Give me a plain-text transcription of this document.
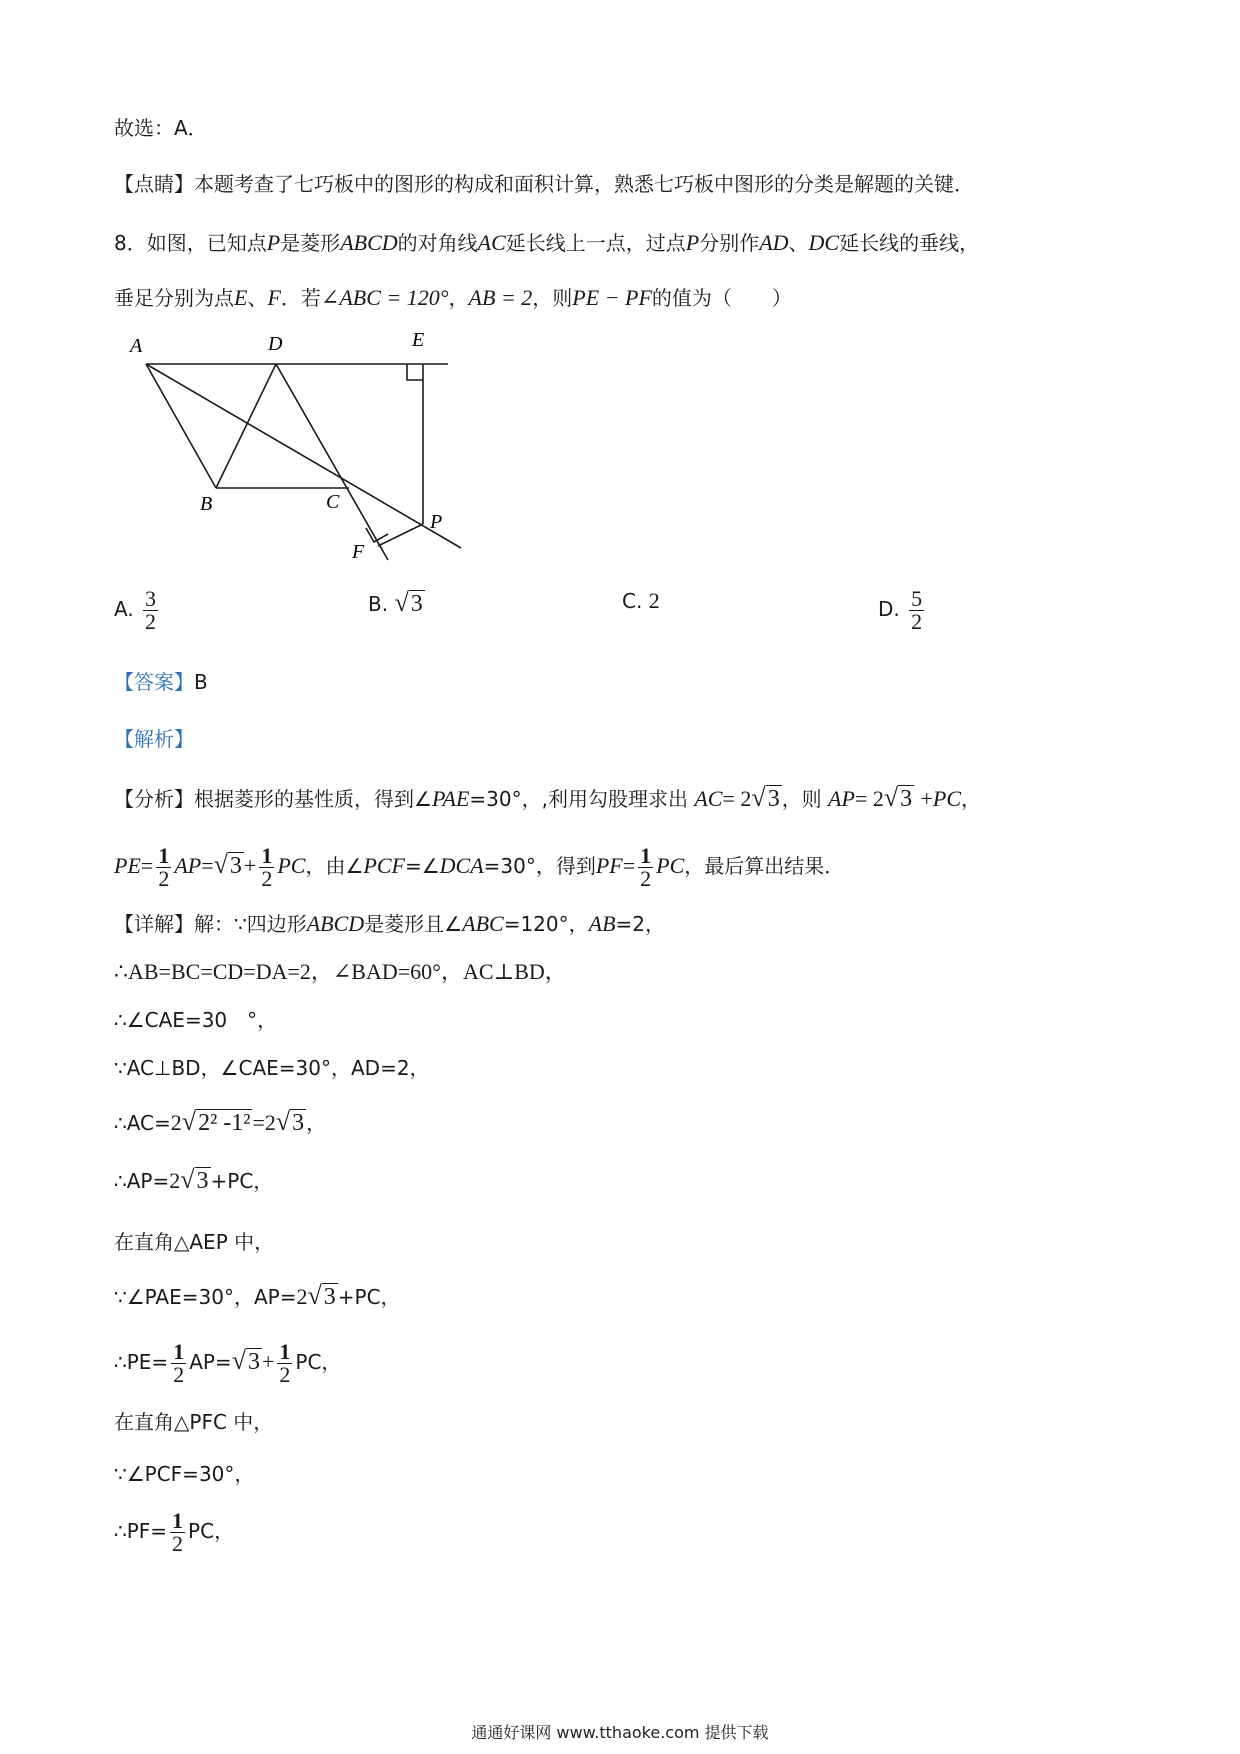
故选：A．
【点睛】本题考查了七巧板中的图形的构成和面积计算，熟悉七巧板中图形的分类是解题的关键．
8．如图，已知点P是菱形ABCD的对角线AC延长线上一点，过点P分别作AD、DC延长线的垂线，
垂足分别为点E、F．若∠ABC = 120°，AB = 2，则PE − PF的值为（　　）
A	D	E
B	C
P
F
A. $\frac{3}{2}$	B. √3	C. 2	D. $\frac{5}{2}$
【答案】B
【解析】
【分析】根据菱形的基性质，得到∠PAE=30°，,利用勾股理求出 AC= 2√3 ，则 AP= 2√3 +PC，
$PE= \frac{1}{2} AP=√3+ \frac{1}{2}$ PC，由∠PCF=∠DCA=30°，得到$PF= \frac{1}{2}$ PC，最后算出结果．
【详解】解：∵四边形ABCD是菱形且∠ABC=120°，AB=2，
∴AB=BC=CD=DA=2，∠BAD=60°，AC⊥BD，
∴∠CAE=30　°，
∵AC⊥BD，∠CAE=30°，AD=2，
∴AC=2√2² -1²=2√3 ，
∴AP=2√3 +PC，
在直角△AEP 中，
∵∠PAE=30°，AP=2√3 +PC，
∴PE= $\frac{1}{2} AP=√3+ \frac{1}{2}$ PC，
在直角△PFC 中，
∵∠PCF=30°，
∴PF= $\frac{1}{2}$ PC，
通通好课网 www.tthaoke.com 提供下载
